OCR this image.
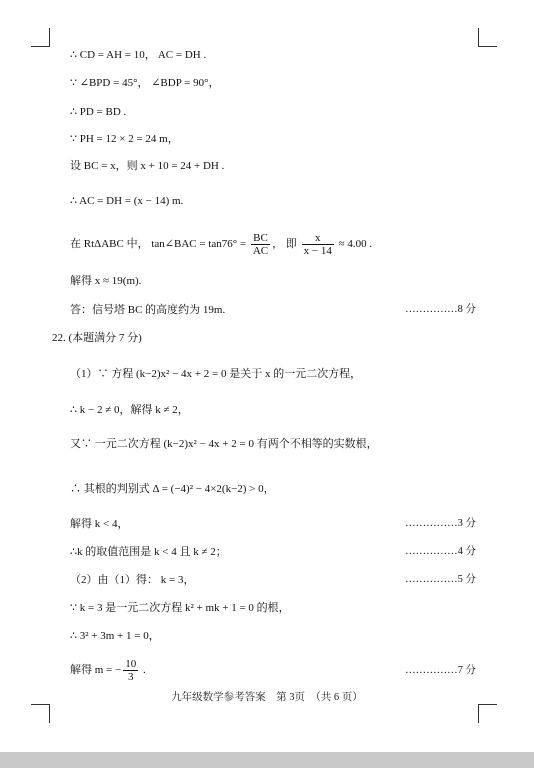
∴ CD = AH = 10， AC = DH .
∵ ∠BPD = 45°， ∠BDP = 90°，
∴ PD = BD .
∵ PH = 12 × 2 = 24 m，
设 BC = x，则 x + 10 = 24 + DH .
∴ AC = DH = (x − 14) m.
在 RtΔABC 中， tan∠BAC = $\tan 76^\circ = \frac{BC}{AC}$ ， 即 $\frac{x}{x - 14} \approx 4.00$ .
解得 x ≈ 19(m).
答：信号塔 BC 的高度约为 19m.	……………8 分
22. (本题满分 7 分)
（1）∵ 方程 (k−2)x² − 4x + 2 = 0 是关于 x 的一元二次方程，
∴ k − 2 ≠ 0，解得 k ≠ 2，
又∵ 一元二次方程 (k−2)x² − 4x + 2 = 0 有两个不相等的实数根，
∴ 其根的判别式 Δ = (−4)² − 4×2(k−2) > 0，
解得 k < 4，	……………3 分
∴k 的取值范围是 k < 4 且 k ≠ 2；	……………4 分
（2）由（1）得： k = 3，	……………5 分
∵ k = 3 是一元二次方程 k² + mk + 1 = 0 的根，
∴ 3² + 3m + 1 = 0，
解得 m = − $\frac{10}{3}$ .	……………7 分
九年级数学参考答案　第 3页　（共 6 页）
